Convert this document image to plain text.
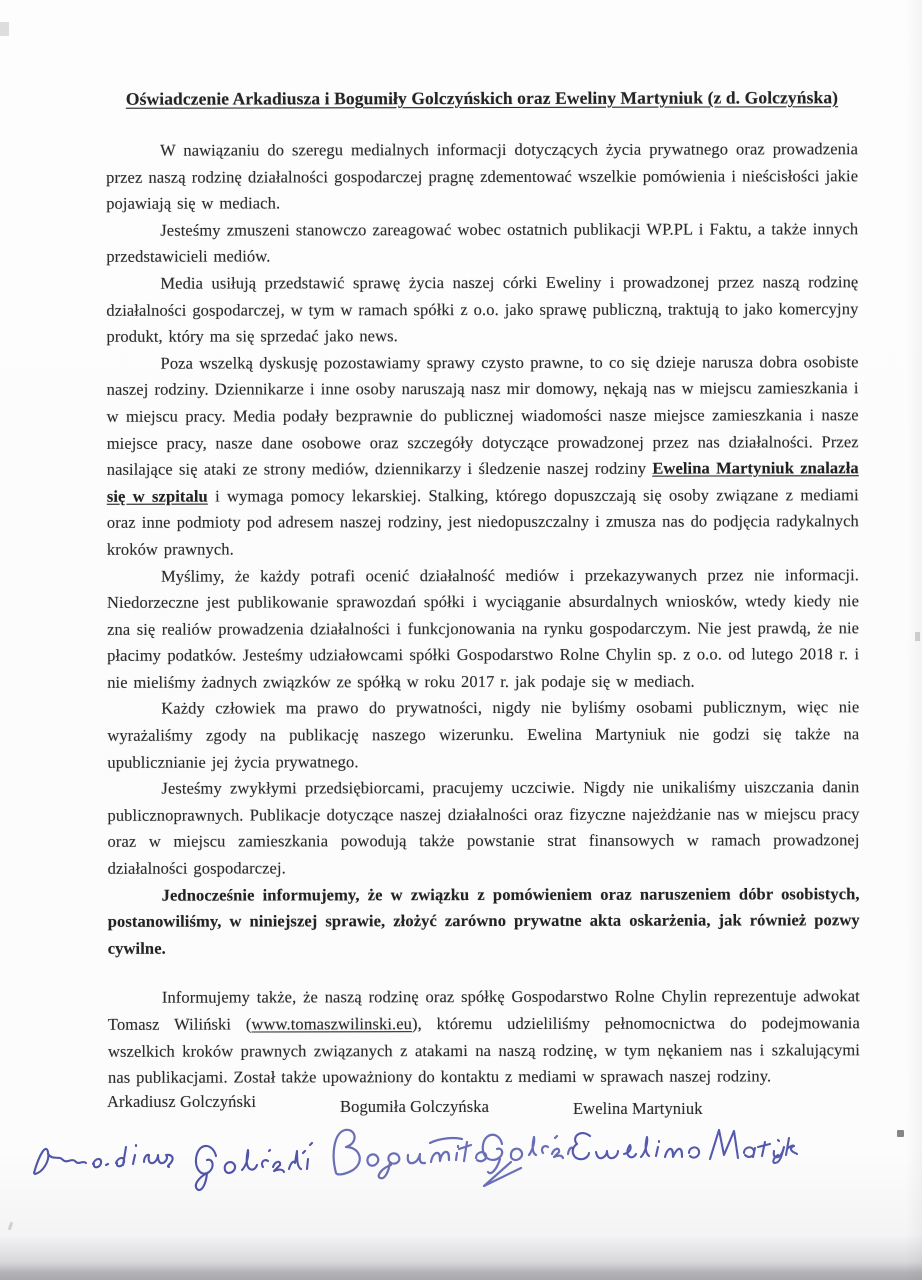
Oświadczenie Arkadiusza i Bogumiły Golczyńskich oraz Eweliny Martyniuk (z d. Golczyńska)

W nawiązaniu do szeregu medialnych informacji dotyczących życia prywatnego oraz prowadzenia przez naszą rodzinę działalności gospodarczej pragnę zdementować wszelkie pomówienia i nieścisłości jakie pojawiają się w mediach.

Jesteśmy zmuszeni stanowczo zareagować wobec ostatnich publikacji WP.PL i Faktu, a także innych przedstawicieli mediów.

Media usiłują przedstawić sprawę życia naszej córki Eweliny i prowadzonej przez naszą rodzinę działalności gospodarczej, w tym w ramach spółki z o.o. jako sprawę publiczną, traktują to jako komercyjny produkt, który ma się sprzedać jako news.

Poza wszelką dyskusję pozostawiamy sprawy czysto prawne, to co się dzieje narusza dobra osobiste naszej rodziny. Dziennikarze i inne osoby naruszają nasz mir domowy, nękają nas w miejscu zamieszkania i w miejscu pracy. Media podały bezprawnie do publicznej wiadomości nasze miejsce zamieszkania i nasze miejsce pracy, nasze dane osobowe oraz szczegóły dotyczące prowadzonej przez nas działalności. Przez nasilające się ataki ze strony mediów, dziennikarzy i śledzenie naszej rodziny Ewelina Martyniuk znalazła się w szpitalu i wymaga pomocy lekarskiej. Stalking, którego dopuszczają się osoby związane z mediami oraz inne podmioty pod adresem naszej rodziny, jest niedopuszczalny i zmusza nas do podjęcia radykalnych kroków prawnych.

Myślimy, że każdy potrafi ocenić działalność mediów i przekazywanych przez nie informacji. Niedorzeczne jest publikowanie sprawozdań spółki i wyciąganie absurdalnych wniosków, wtedy kiedy nie zna się realiów prowadzenia działalności i funkcjonowania na rynku gospodarczym. Nie jest prawdą, że nie płacimy podatków. Jesteśmy udziałowcami spółki Gospodarstwo Rolne Chylin sp. z o.o. od lutego 2018 r. i nie mieliśmy żadnych związków ze spółką w roku 2017 r. jak podaje się w mediach.

Każdy człowiek ma prawo do prywatności, nigdy nie byliśmy osobami publicznym, więc nie wyrażaliśmy zgody na publikację naszego wizerunku. Ewelina Martyniuk nie godzi się także na upublicznianie jej życia prywatnego.

Jesteśmy zwykłymi przedsiębiorcami, pracujemy uczciwie. Nigdy nie unikaliśmy uiszczania danin publicznoprawnych. Publikacje dotyczące naszej działalności oraz fizyczne najeżdżanie nas w miejscu pracy oraz w miejscu zamieszkania powodują także powstanie strat finansowych w ramach prowadzonej działalności gospodarczej.

Jednocześnie informujemy, że w związku z pomówieniem oraz naruszeniem dóbr osobistych, postanowiliśmy, w niniejszej sprawie, złożyć zarówno prywatne akta oskarżenia, jak również pozwy cywilne.

Informujemy także, że naszą rodzinę oraz spółkę Gospodarstwo Rolne Chylin reprezentuje adwokat Tomasz Wiliński (www.tomaszwilinski.eu), któremu udzieliliśmy pełnomocnictwa do podejmowania wszelkich kroków prawnych związanych z atakami na naszą rodzinę, w tym nękaniem nas i szkalującymi nas publikacjami. Został także upoważniony do kontaktu z mediami w sprawach naszej rodziny.

Arkadiusz Golczyński	Bogumiła Golczyńska	Ewelina Martyniuk
